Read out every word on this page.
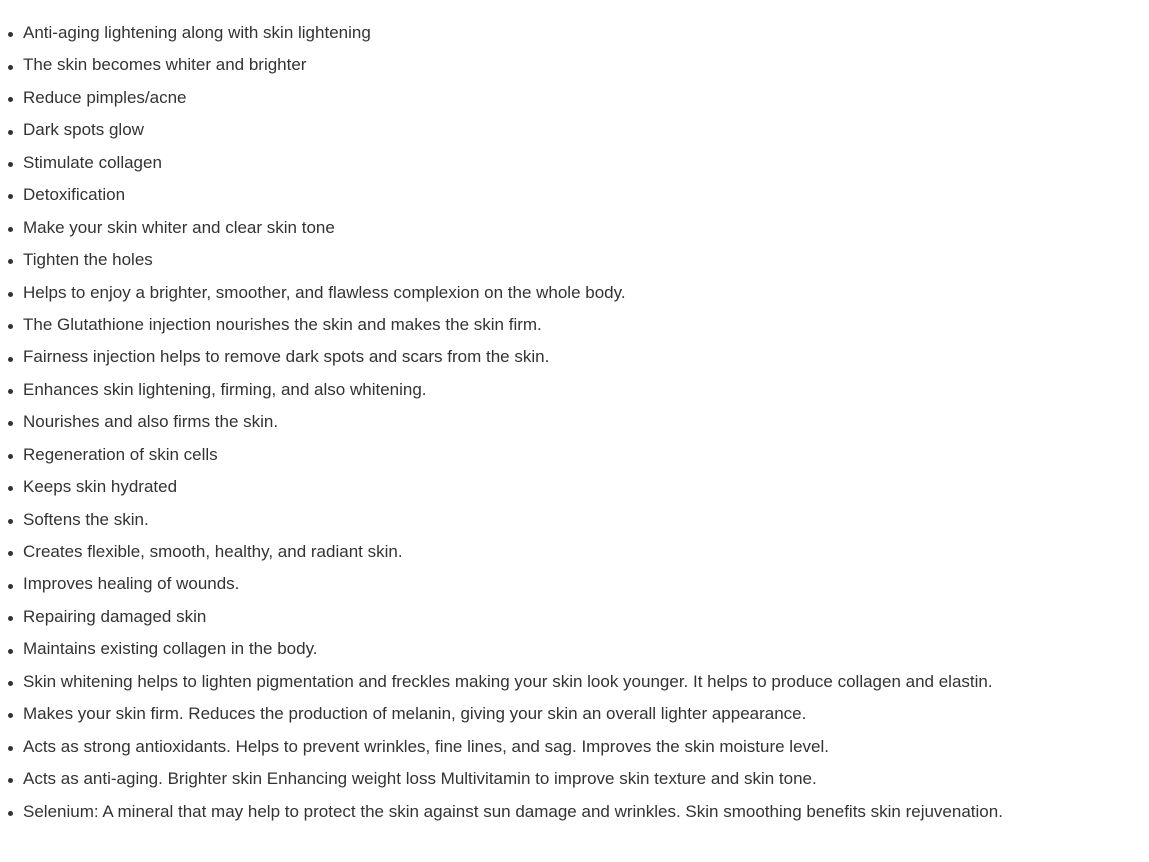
Anti-aging lightening along with skin lightening
The skin becomes whiter and brighter
Reduce pimples/acne
Dark spots glow
Stimulate collagen
Detoxification
Make your skin whiter and clear skin tone
Tighten the holes
Helps to enjoy a brighter, smoother, and flawless complexion on the whole body.
The Glutathione injection nourishes the skin and makes the skin firm.
Fairness injection helps to remove dark spots and scars from the skin.
Enhances skin lightening, firming, and also whitening.
Nourishes and also firms the skin.
Regeneration of skin cells
Keeps skin hydrated
Softens the skin.
Creates flexible, smooth, healthy, and radiant skin.
Improves healing of wounds.
Repairing damaged skin
Maintains existing collagen in the body.
Skin whitening helps to lighten pigmentation and freckles making your skin look younger. It helps to produce collagen and elastin.
Makes your skin firm. Reduces the production of melanin, giving your skin an overall lighter appearance.
Acts as strong antioxidants. Helps to prevent wrinkles, fine lines, and sag. Improves the skin moisture level.
Acts as anti-aging. Brighter skin Enhancing weight loss Multivitamin to improve skin texture and skin tone.
Selenium: A mineral that may help to protect the skin against sun damage and wrinkles. Skin smoothing benefits skin rejuvenation.
